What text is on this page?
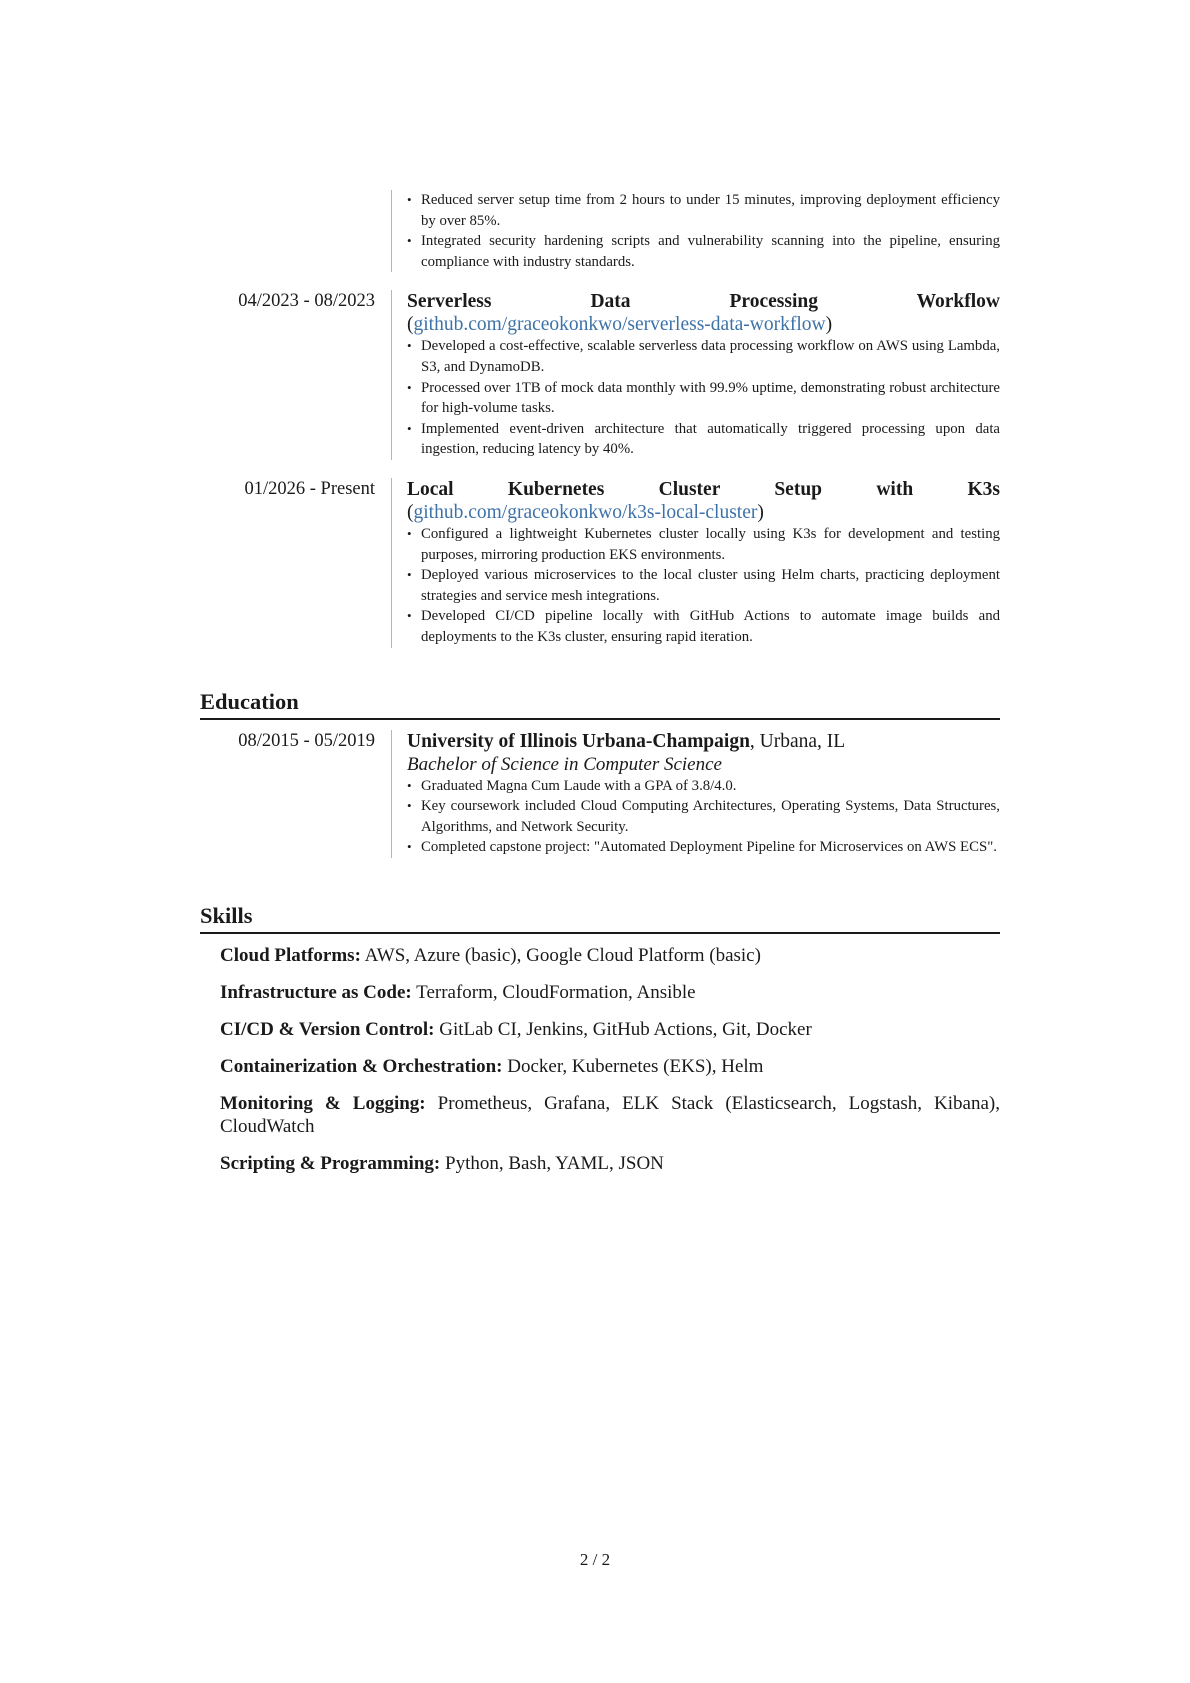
• Reduced server setup time from 2 hours to under 15 minutes, improving deployment efficiency by over 85%.
• Integrated security hardening scripts and vulnerability scanning into the pipeline, ensuring compliance with industry standards.
04/2023 - 08/2023	Serverless Data Processing Workflow (github.com/graceokonkwo/serverless-data-workflow)
• Developed a cost-effective, scalable serverless data processing workflow on AWS using Lambda, S3, and DynamoDB.
• Processed over 1TB of mock data monthly with 99.9% uptime, demonstrating robust architecture for high-volume tasks.
• Implemented event-driven architecture that automatically triggered processing upon data ingestion, reducing latency by 40%.
01/2026 - Present	Local Kubernetes Cluster Setup with K3s (github.com/graceokonkwo/k3s-local-cluster)
• Configured a lightweight Kubernetes cluster locally using K3s for development and testing purposes, mirroring production EKS environments.
• Deployed various microservices to the local cluster using Helm charts, practicing deployment strategies and service mesh integrations.
• Developed CI/CD pipeline locally with GitHub Actions to automate image builds and deployments to the K3s cluster, ensuring rapid iteration.
Education
08/2015 - 05/2019	University of Illinois Urbana-Champaign, Urbana, IL
Bachelor of Science in Computer Science
• Graduated Magna Cum Laude with a GPA of 3.8/4.0.
• Key coursework included Cloud Computing Architectures, Operating Systems, Data Structures, Algorithms, and Network Security.
• Completed capstone project: "Automated Deployment Pipeline for Microservices on AWS ECS".
Skills
Cloud Platforms: AWS, Azure (basic), Google Cloud Platform (basic)
Infrastructure as Code: Terraform, CloudFormation, Ansible
CI/CD & Version Control: GitLab CI, Jenkins, GitHub Actions, Git, Docker
Containerization & Orchestration: Docker, Kubernetes (EKS), Helm
Monitoring & Logging: Prometheus, Grafana, ELK Stack (Elasticsearch, Logstash, Kibana), CloudWatch
Scripting & Programming: Python, Bash, YAML, JSON
2 / 2
